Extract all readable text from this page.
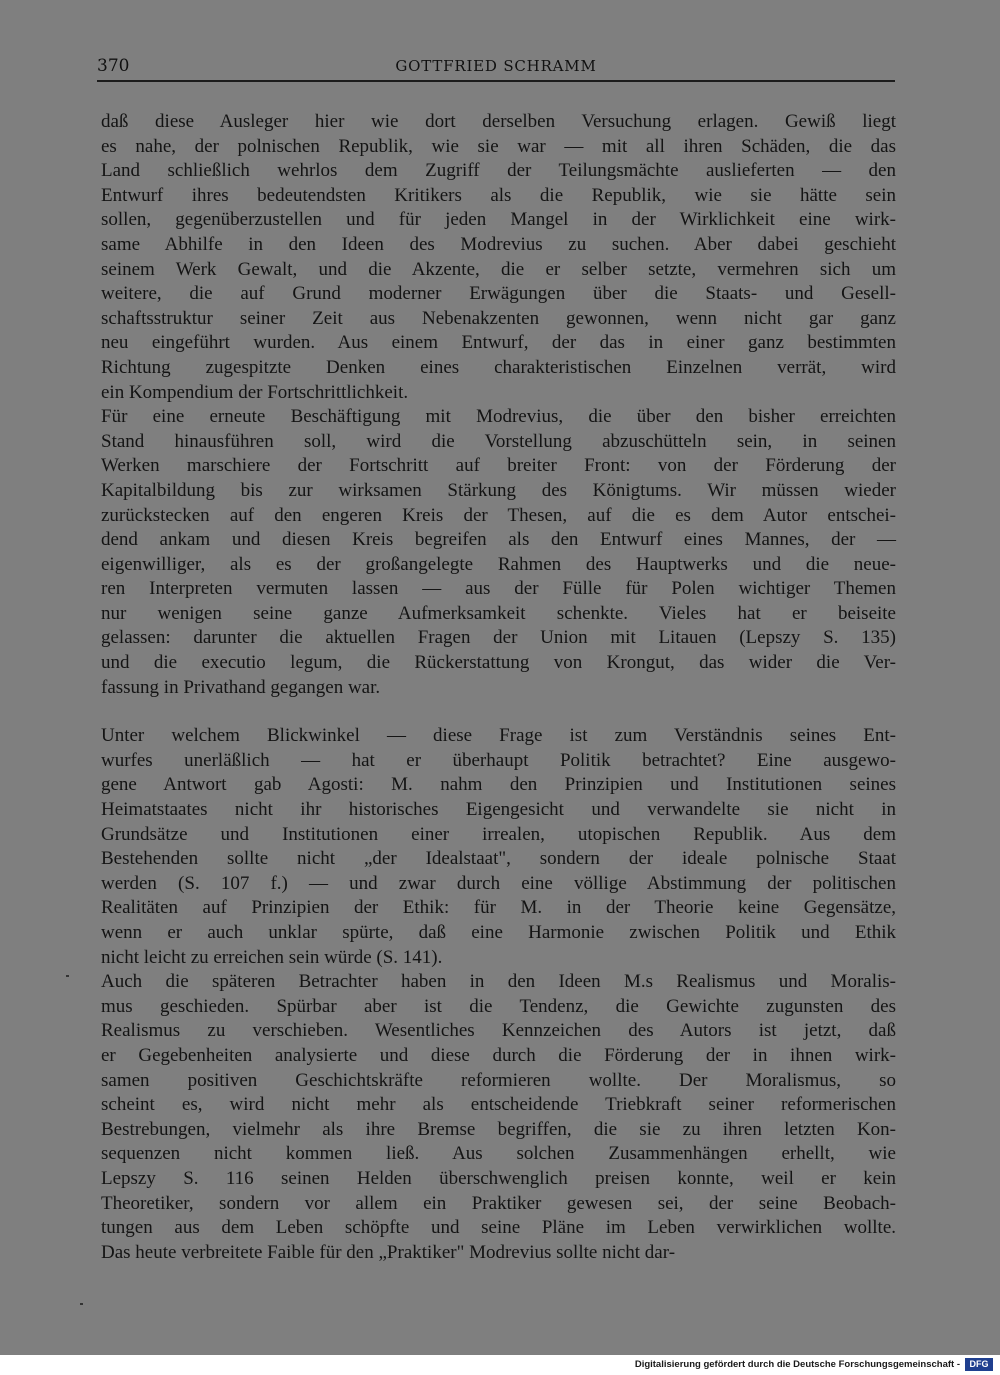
370	GOTTFRIED SCHRAMM
daß diese Ausleger hier wie dort derselben Versuchung erlagen. Gewiß liegt
es nahe, der polnischen Republik, wie sie war — mit all ihren Schäden, die das
Land schließlich wehrlos dem Zugriff der Teilungsmächte auslieferten — den
Entwurf ihres bedeutendsten Kritikers als die Republik, wie sie hätte sein
sollen, gegenüberzustellen und für jeden Mangel in der Wirklichkeit eine wirk-
same Abhilfe in den Ideen des Modrevius zu suchen. Aber dabei geschieht
seinem Werk Gewalt, und die Akzente, die er selber setzte, vermehren sich um
weitere, die auf Grund moderner Erwägungen über die Staats- und Gesell-
schaftsstruktur seiner Zeit aus Nebenakzenten gewonnen, wenn nicht gar ganz
neu eingeführt wurden. Aus einem Entwurf, der das in einer ganz bestimmten
Richtung zugespitzte Denken eines charakteristischen Einzelnen verrät, wird
ein Kompendium der Fortschrittlichkeit.
Für eine erneute Beschäftigung mit Modrevius, die über den bisher erreichten
Stand hinausführen soll, wird die Vorstellung abzuschütteln sein, in seinen
Werken marschiere der Fortschritt auf breiter Front: von der Förderung der
Kapitalbildung bis zur wirksamen Stärkung des Königtums. Wir müssen wieder
zurückstecken auf den engeren Kreis der Thesen, auf die es dem Autor entschei-
dend ankam und diesen Kreis begreifen als den Entwurf eines Mannes, der —
eigenwilliger, als es der großangelegte Rahmen des Hauptwerks und die neue-
ren Interpreten vermuten lassen — aus der Fülle für Polen wichtiger Themen
nur wenigen seine ganze Aufmerksamkeit schenkte. Vieles hat er beiseite
gelassen: darunter die aktuellen Fragen der Union mit Litauen (Lepszy S. 135)
und die executio legum, die Rückerstattung von Krongut, das wider die Ver-
fassung in Privathand gegangen war.
Unter welchem Blickwinkel — diese Frage ist zum Verständnis seines Ent-
wurfes unerläßlich — hat er überhaupt Politik betrachtet? Eine ausgewo-
gene Antwort gab Agosti: M. nahm den Prinzipien und Institutionen seines
Heimatstaates nicht ihr historisches Eigengesicht und verwandelte sie nicht in
Grundsätze und Institutionen einer irrealen, utopischen Republik. Aus dem
Bestehenden sollte nicht „der Idealstaat", sondern der ideale polnische Staat
werden (S. 107 f.) — und zwar durch eine völlige Abstimmung der politischen
Realitäten auf Prinzipien der Ethik: für M. in der Theorie keine Gegensätze,
wenn er auch unklar spürte, daß eine Harmonie zwischen Politik und Ethik
nicht leicht zu erreichen sein würde (S. 141).
Auch die späteren Betrachter haben in den Ideen M.s Realismus und Moralis-
mus geschieden. Spürbar aber ist die Tendenz, die Gewichte zugunsten des
Realismus zu verschieben. Wesentliches Kennzeichen des Autors ist jetzt, daß
er Gegebenheiten analysierte und diese durch die Förderung der in ihnen wirk-
samen positiven Geschichtskräfte reformieren wollte. Der Moralismus, so
scheint es, wird nicht mehr als entscheidende Triebkraft seiner reformerischen
Bestrebungen, vielmehr als ihre Bremse begriffen, die sie zu ihren letzten Kon-
sequenzen nicht kommen ließ. Aus solchen Zusammenhängen erhellt, wie
Lepszy S. 116 seinen Helden überschwenglich preisen konnte, weil er kein
Theoretiker, sondern vor allem ein Praktiker gewesen sei, der seine Beobach-
tungen aus dem Leben schöpfte und seine Pläne im Leben verwirklichen wollte.
Das heute verbreitete Faible für den „Praktiker" Modrevius sollte nicht dar-
Digitalisierung gefördert durch die Deutsche Forschungsgemeinschaft -	DFG
